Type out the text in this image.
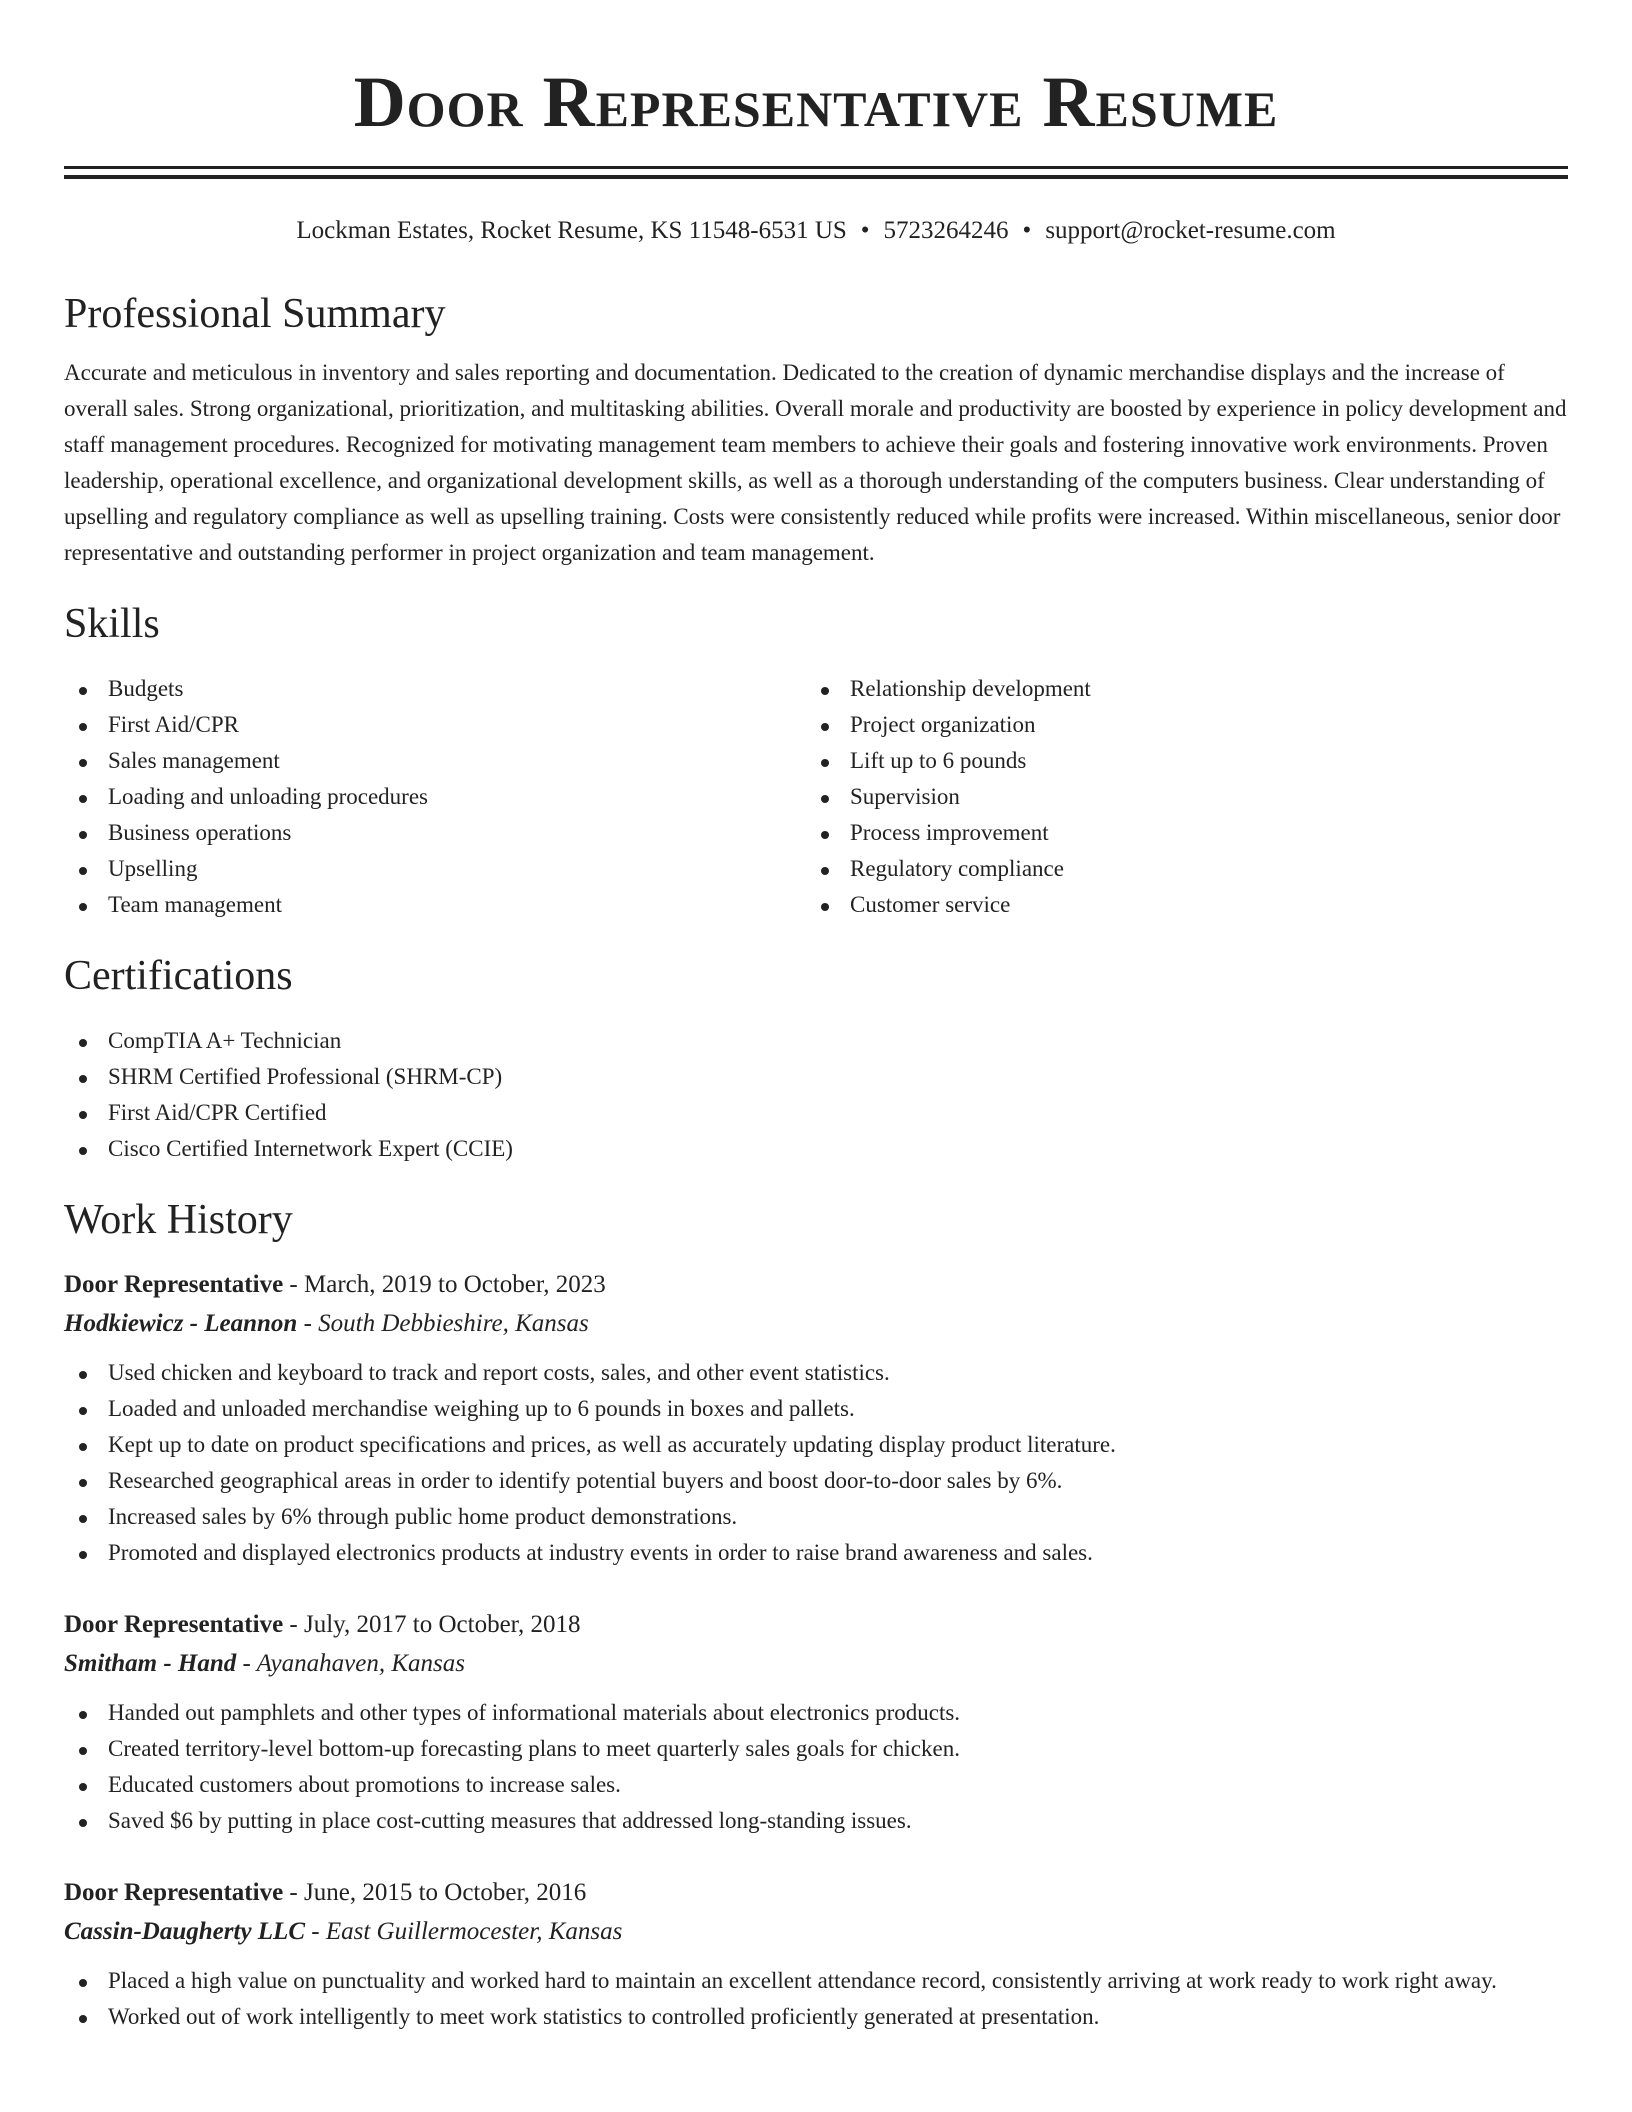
Door Representative Resume
Lockman Estates, Rocket Resume, KS 11548-6531 US • 5723264246 • support@rocket-resume.com
Professional Summary
Accurate and meticulous in inventory and sales reporting and documentation. Dedicated to the creation of dynamic merchandise displays and the increase of overall sales. Strong organizational, prioritization, and multitasking abilities. Overall morale and productivity are boosted by experience in policy development and staff management procedures. Recognized for motivating management team members to achieve their goals and fostering innovative work environments. Proven leadership, operational excellence, and organizational development skills, as well as a thorough understanding of the computers business. Clear understanding of upselling and regulatory compliance as well as upselling training. Costs were consistently reduced while profits were increased. Within miscellaneous, senior door representative and outstanding performer in project organization and team management.
Skills
Budgets
First Aid/CPR
Sales management
Loading and unloading procedures
Business operations
Upselling
Team management
Relationship development
Project organization
Lift up to 6 pounds
Supervision
Process improvement
Regulatory compliance
Customer service
Certifications
CompTIA A+ Technician
SHRM Certified Professional (SHRM-CP)
First Aid/CPR Certified
Cisco Certified Internetwork Expert (CCIE)
Work History
Door Representative - March, 2019 to October, 2023
Hodkiewicz - Leannon - South Debbieshire, Kansas
Used chicken and keyboard to track and report costs, sales, and other event statistics.
Loaded and unloaded merchandise weighing up to 6 pounds in boxes and pallets.
Kept up to date on product specifications and prices, as well as accurately updating display product literature.
Researched geographical areas in order to identify potential buyers and boost door-to-door sales by 6%.
Increased sales by 6% through public home product demonstrations.
Promoted and displayed electronics products at industry events in order to raise brand awareness and sales.
Door Representative - July, 2017 to October, 2018
Smitham - Hand - Ayanahaven, Kansas
Handed out pamphlets and other types of informational materials about electronics products.
Created territory-level bottom-up forecasting plans to meet quarterly sales goals for chicken.
Educated customers about promotions to increase sales.
Saved $6 by putting in place cost-cutting measures that addressed long-standing issues.
Door Representative - June, 2015 to October, 2016
Cassin-Daugherty LLC - East Guillermocester, Kansas
Placed a high value on punctuality and worked hard to maintain an excellent attendance record, consistently arriving at work ready to work right away.
Worked out of work intelligently to meet work statistics to controlled proficiently generated at presentation.
